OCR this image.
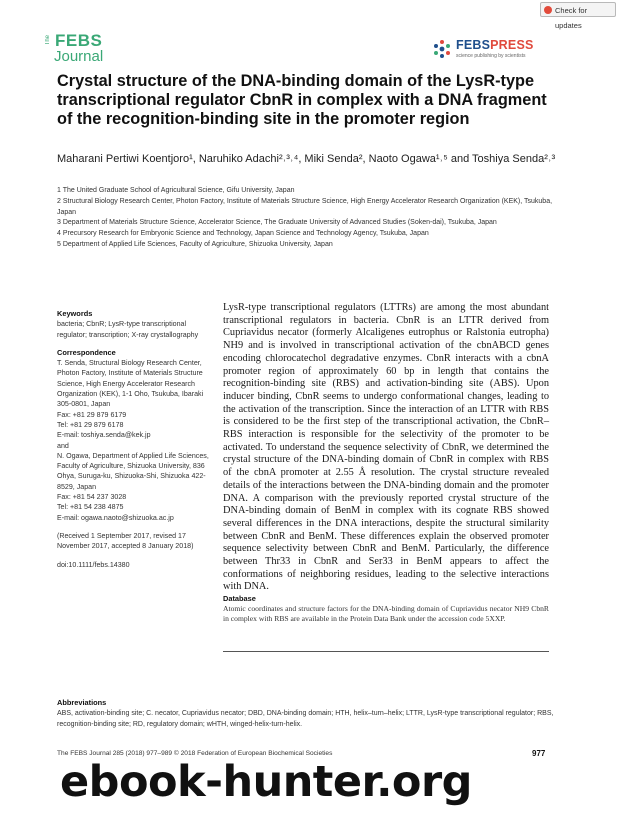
Check for updates
The FEBS
Journal
FEBSPRESS
science publishing by scientists
Crystal structure of the DNA-binding domain of the LysR-type transcriptional regulator CbnR in complex with a DNA fragment of the recognition-binding site in the promoter region
Maharani Pertiwi Koentjoro¹, Naruhiko Adachi²˒³˒⁴, Miki Senda², Naoto Ogawa¹˒⁵ and Toshiya Senda²˒³
1 The United Graduate School of Agricultural Science, Gifu University, Japan
2 Structural Biology Research Center, Photon Factory, Institute of Materials Structure Science, High Energy Accelerator Research Organization (KEK), Tsukuba, Japan
3 Department of Materials Structure Science, Accelerator Science, The Graduate University of Advanced Studies (Soken-dai), Tsukuba, Japan
4 Precursory Research for Embryonic Science and Technology, Japan Science and Technology Agency, Tsukuba, Japan
5 Department of Applied Life Sciences, Faculty of Agriculture, Shizuoka University, Japan
Keywords

bacteria; CbnR; LysR-type transcriptional regulator; transcription; X-ray crystallography

Correspondence

T. Senda, Structural Biology Research Center, Photon Factory, Institute of Materials Structure Science, High Energy Accelerator Research Organization (KEK), 1-1 Oho, Tsukuba, Ibaraki 305-0801, Japan

Fax: +81 29 879 6179

Tel: +81 29 879 6178

E-mail: toshiya.senda@kek.jp

and

N. Ogawa, Department of Applied Life Sciences, Faculty of Agriculture, Shizuoka University, 836 Ohya, Suruga-ku, Shizuoka-Shi, Shizuoka 422-8529, Japan

Fax: +81 54 237 3028

Tel: +81 54 238 4875

E-mail: ogawa.naoto@shizuoka.ac.jp

(Received 1 September 2017, revised 17 November 2017, accepted 8 January 2018)

doi:10.1111/febs.14380

LysR-type transcriptional regulators (LTTRs) are among the most abundant transcriptional regulators in bacteria. CbnR is an LTTR derived from Cupriavidus necator (formerly Alcaligenes eutrophus or Ralstonia eutropha) NH9 and is involved in transcriptional activation of the cbnABCD genes encoding chlorocatechol degradative enzymes. CbnR interacts with a cbnA promoter region of approximately 60 bp in length that contains the recognition-binding site (RBS) and activation-binding site (ABS). Upon inducer binding, CbnR seems to undergo conformational changes, leading to the activation of the transcription. Since the interaction of an LTTR with RBS is considered to be the first step of the transcriptional activation, the CbnR–RBS interaction is responsible for the selectivity of the promoter to be activated. To understand the sequence selectivity of CbnR, we determined the crystal structure of the DNA-binding domain of CbnR in complex with RBS of the cbnA promoter at 2.55 Å resolution. The crystal structure revealed details of the interactions between the DNA-binding domain and the promoter DNA. A comparison with the previously reported crystal structure of the DNA-binding domain of BenM in complex with its cognate RBS showed several differences in the DNA interactions, despite the structural similarity between CbnR and BenM. These differences explain the observed promoter sequence selectivity between CbnR and BenM. Particularly, the difference between Thr33 in CbnR and Ser33 in BenM appears to affect the conformations of neighboring residues, leading to the selective interactions with DNA.

Database

Atomic coordinates and structure factors for the DNA-binding domain of Cupriavidus necator NH9 CbnR in complex with RBS are available in the Protein Data Bank under the accession code 5XXP.

Abbreviations

ABS, activation-binding site; C. necator, Cupriavidus necator; DBD, DNA-binding domain; HTH, helix–turn–helix; LTTR, LysR-type transcriptional regulator; RBS, recognition-binding site; RD, regulatory domain; wHTH, winged-helix-turn-helix.

The FEBS Journal 285 (2018) 977–989 © 2018 Federation of European Biochemical Societies	977
ebook-hunter.org
